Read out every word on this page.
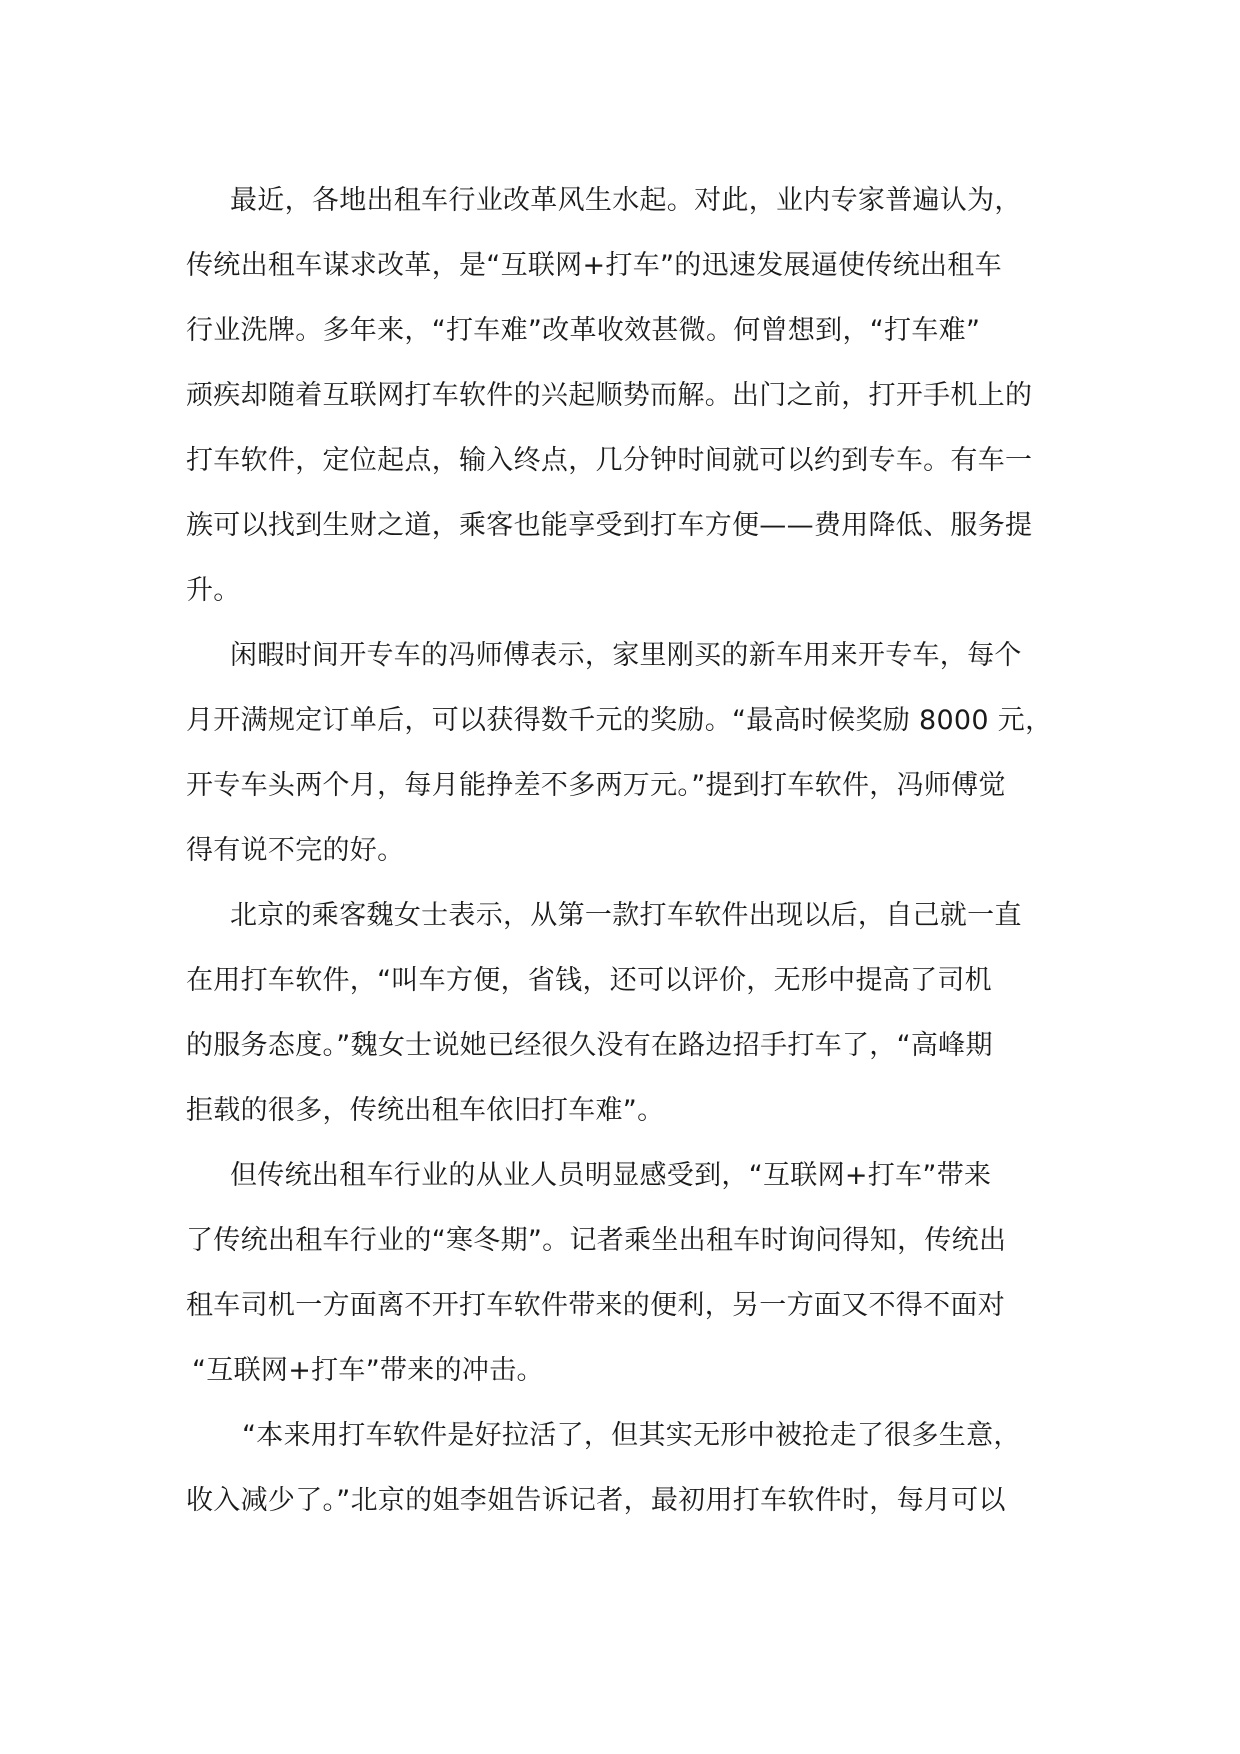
最近，各地出租车行业改革风生水起。对此，业内专家普遍认为，
传统出租车谋求改革，是“互联网+打车”的迅速发展逼使传统出租车
行业洗牌。多年来，“打车难”改革收效甚微。何曾想到，“打车难”
顽疾却随着互联网打车软件的兴起顺势而解。出门之前，打开手机上的
打车软件，定位起点，输入终点，几分钟时间就可以约到专车。有车一
族可以找到生财之道，乘客也能享受到打车方便——费用降低、服务提
升。
闲暇时间开专车的冯师傅表示，家里刚买的新车用来开专车，每个
月开满规定订单后，可以获得数千元的奖励。“最高时候奖励 8000 元，
开专车头两个月，每月能挣差不多两万元。”提到打车软件，冯师傅觉
得有说不完的好。
北京的乘客魏女士表示，从第一款打车软件出现以后，自己就一直
在用打车软件，“叫车方便，省钱，还可以评价，无形中提高了司机
的服务态度。”魏女士说她已经很久没有在路边招手打车了，“高峰期
拒载的很多，传统出租车依旧打车难”。
但传统出租车行业的从业人员明显感受到，“互联网+打车”带来
了传统出租车行业的“寒冬期”。记者乘坐出租车时询问得知，传统出
租车司机一方面离不开打车软件带来的便利，另一方面又不得不面对
“互联网+打车”带来的冲击。
“本来用打车软件是好拉活了，但其实无形中被抢走了很多生意，
收入减少了。”北京的姐李姐告诉记者，最初用打车软件时，每月可以
